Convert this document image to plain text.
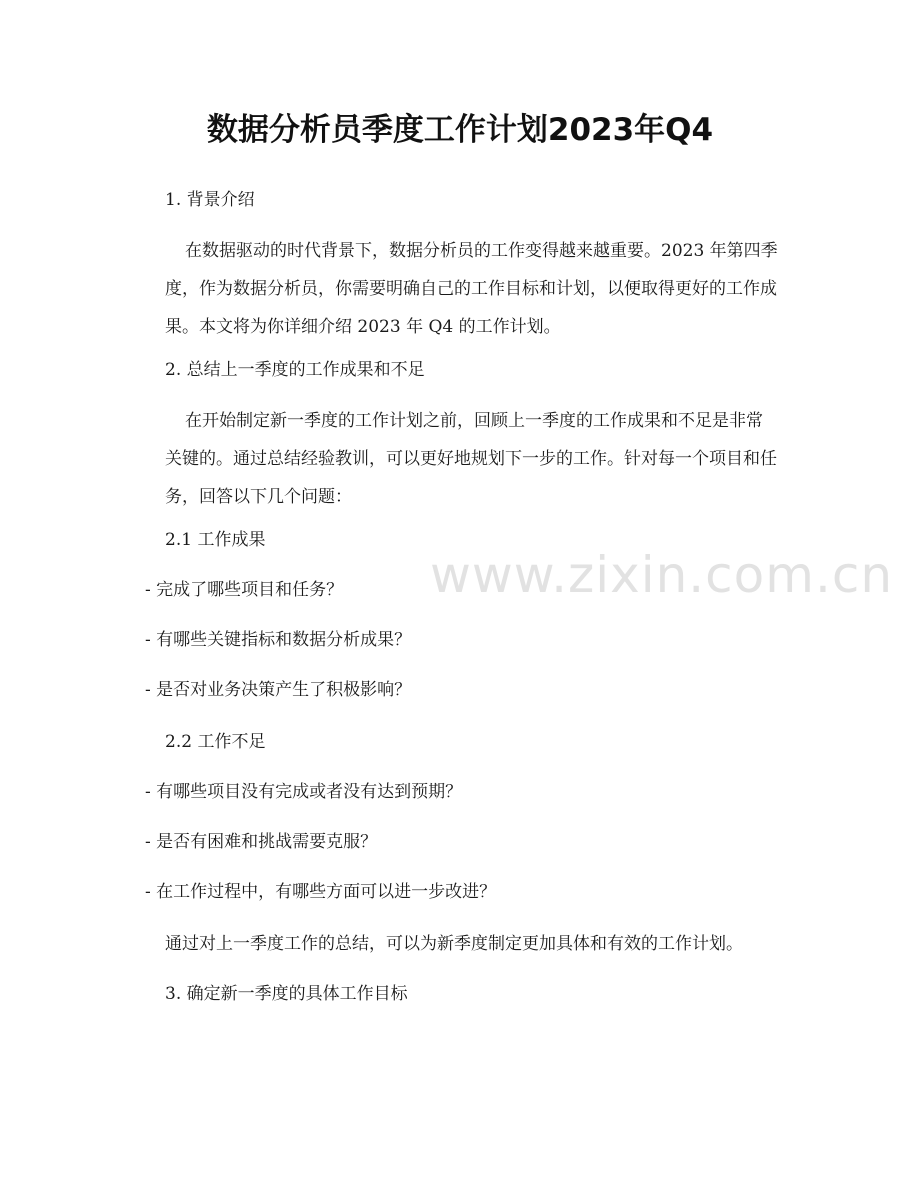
www.zixin.com.cn
数据分析员季度工作计划2023年Q4
1. 背景介绍
在数据驱动的时代背景下，数据分析员的工作变得越来越重要。2023 年第四季
度，作为数据分析员，你需要明确自己的工作目标和计划，以便取得更好的工作成
果。本文将为你详细介绍 2023 年 Q4 的工作计划。
2. 总结上一季度的工作成果和不足
在开始制定新一季度的工作计划之前，回顾上一季度的工作成果和不足是非常
关键的。通过总结经验教训，可以更好地规划下一步的工作。针对每一个项目和任
务，回答以下几个问题：
2.1 工作成果
- 完成了哪些项目和任务？
- 有哪些关键指标和数据分析成果？
- 是否对业务决策产生了积极影响？
2.2 工作不足
- 有哪些项目没有完成或者没有达到预期？
- 是否有困难和挑战需要克服？
- 在工作过程中，有哪些方面可以进一步改进？
通过对上一季度工作的总结，可以为新季度制定更加具体和有效的工作计划。
3. 确定新一季度的具体工作目标
